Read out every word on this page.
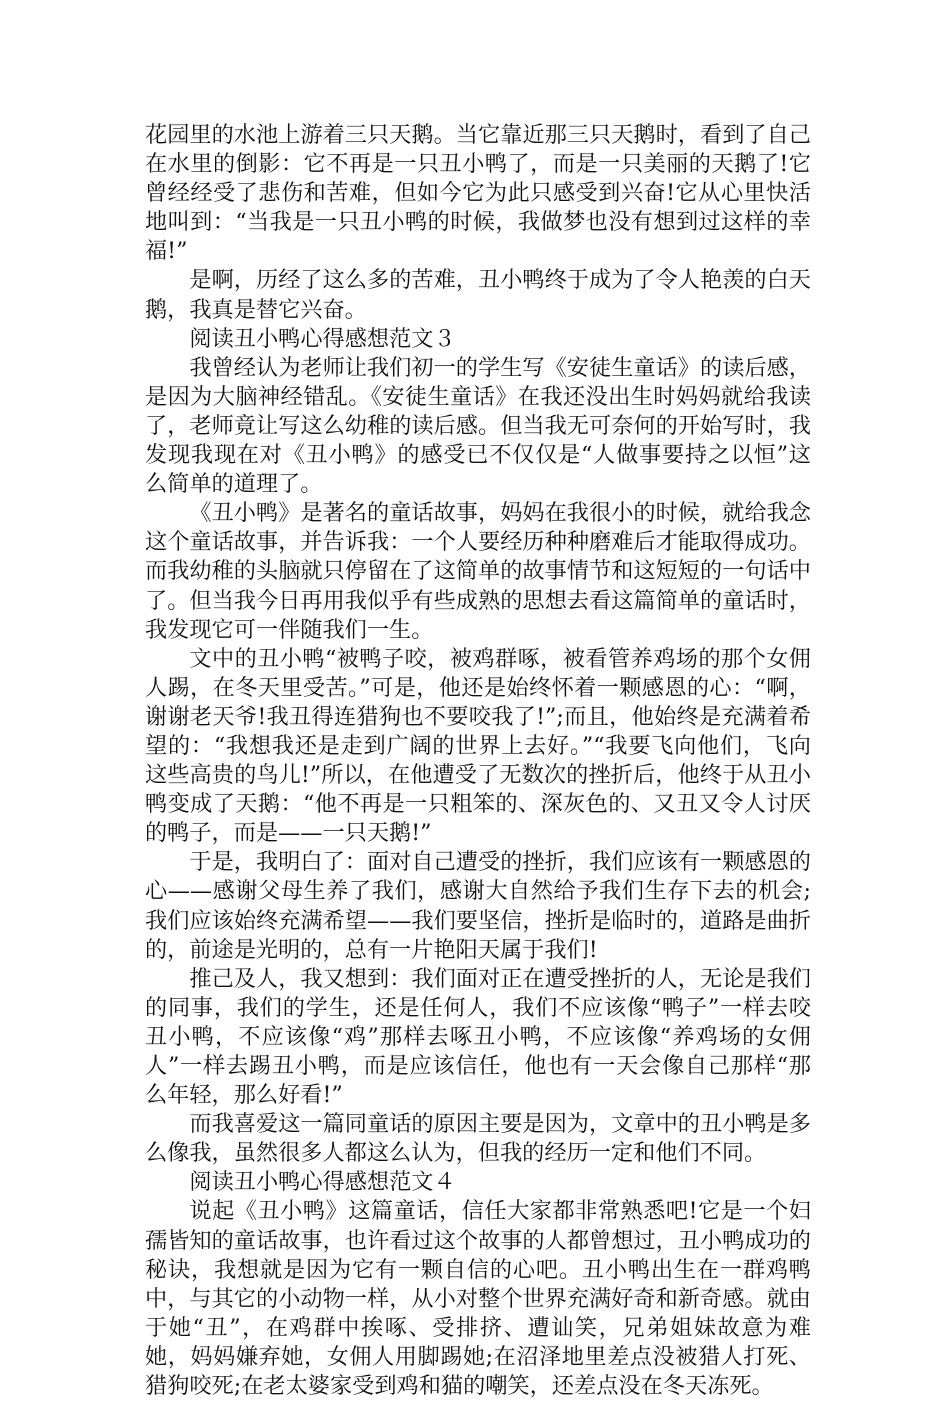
花园里的水池上游着三只天鹅。当它靠近那三只天鹅时，看到了自己在水里的倒影：它不再是一只丑小鸭了，而是一只美丽的天鹅了!它曾经经受了悲伤和苦难，但如今它为此只感受到兴奋!它从心里快活地叫到：“当我是一只丑小鸭的时候，我做梦也没有想到过这样的幸福!”

是啊，历经了这么多的苦难，丑小鸭终于成为了令人艳羡的白天鹅，我真是替它兴奋。

阅读丑小鸭心得感想范文３

我曾经认为老师让我们初一的学生写《安徒生童话》的读后感，是因为大脑神经错乱。《安徒生童话》在我还没出生时妈妈就给我读了，老师竟让写这么幼稚的读后感。但当我无可奈何的开始写时，我发现我现在对《丑小鸭》的感受已不仅仅是“人做事要持之以恒”这么简单的道理了。

《丑小鸭》是著名的童话故事，妈妈在我很小的时候，就给我念这个童话故事，并告诉我：一个人要经历种种磨难后才能取得成功。而我幼稚的头脑就只停留在了这简单的故事情节和这短短的一句话中了。但当我今日再用我似乎有些成熟的思想去看这篇简单的童话时，我发现它可一伴随我们一生。

文中的丑小鸭“被鸭子咬，被鸡群啄，被看管养鸡场的那个女佣人踢，在冬天里受苦。”可是，他还是始终怀着一颗感恩的心：“啊，谢谢老天爷!我丑得连猎狗也不要咬我了!”;而且，他始终是充满着希望的：“我想我还是走到广阔的世界上去好。”“我要飞向他们，飞向这些高贵的鸟儿!”所以，在他遭受了无数次的挫折后，他终于从丑小鸭变成了天鹅：“他不再是一只粗笨的、深灰色的、又丑又令人讨厌的鸭子，而是——一只天鹅!”

于是，我明白了：面对自己遭受的挫折，我们应该有一颗感恩的心——感谢父母生养了我们，感谢大自然给予我们生存下去的机会;我们应该始终充满希望——我们要坚信，挫折是临时的，道路是曲折的，前途是光明的，总有一片艳阳天属于我们!

推己及人，我又想到：我们面对正在遭受挫折的人，无论是我们的同事，我们的学生，还是任何人，我们不应该像“鸭子”一样去咬丑小鸭，不应该像“鸡”那样去啄丑小鸭，不应该像“养鸡场的女佣人”一样去踢丑小鸭，而是应该信任，他也有一天会像自己那样“那么年轻，那么好看!”

而我喜爱这一篇同童话的原因主要是因为，文章中的丑小鸭是多么像我，虽然很多人都这么认为，但我的经历一定和他们不同。

阅读丑小鸭心得感想范文４

说起《丑小鸭》这篇童话，信任大家都非常熟悉吧!它是一个妇孺皆知的童话故事，也许看过这个故事的人都曾想过，丑小鸭成功的秘诀，我想就是因为它有一颗自信的心吧。丑小鸭出生在一群鸡鸭中，与其它的小动物一样，从小对整个世界充满好奇和新奇感。就由于她“丑”，在鸡群中挨啄、受排挤、遭讪笑，兄弟姐妹故意为难她，妈妈嫌弃她，女佣人用脚踢她;在沼泽地里差点没被猎人打死、猎狗咬死;在老太婆家受到鸡和猫的嘲笑，还差点没在冬天冻死。
